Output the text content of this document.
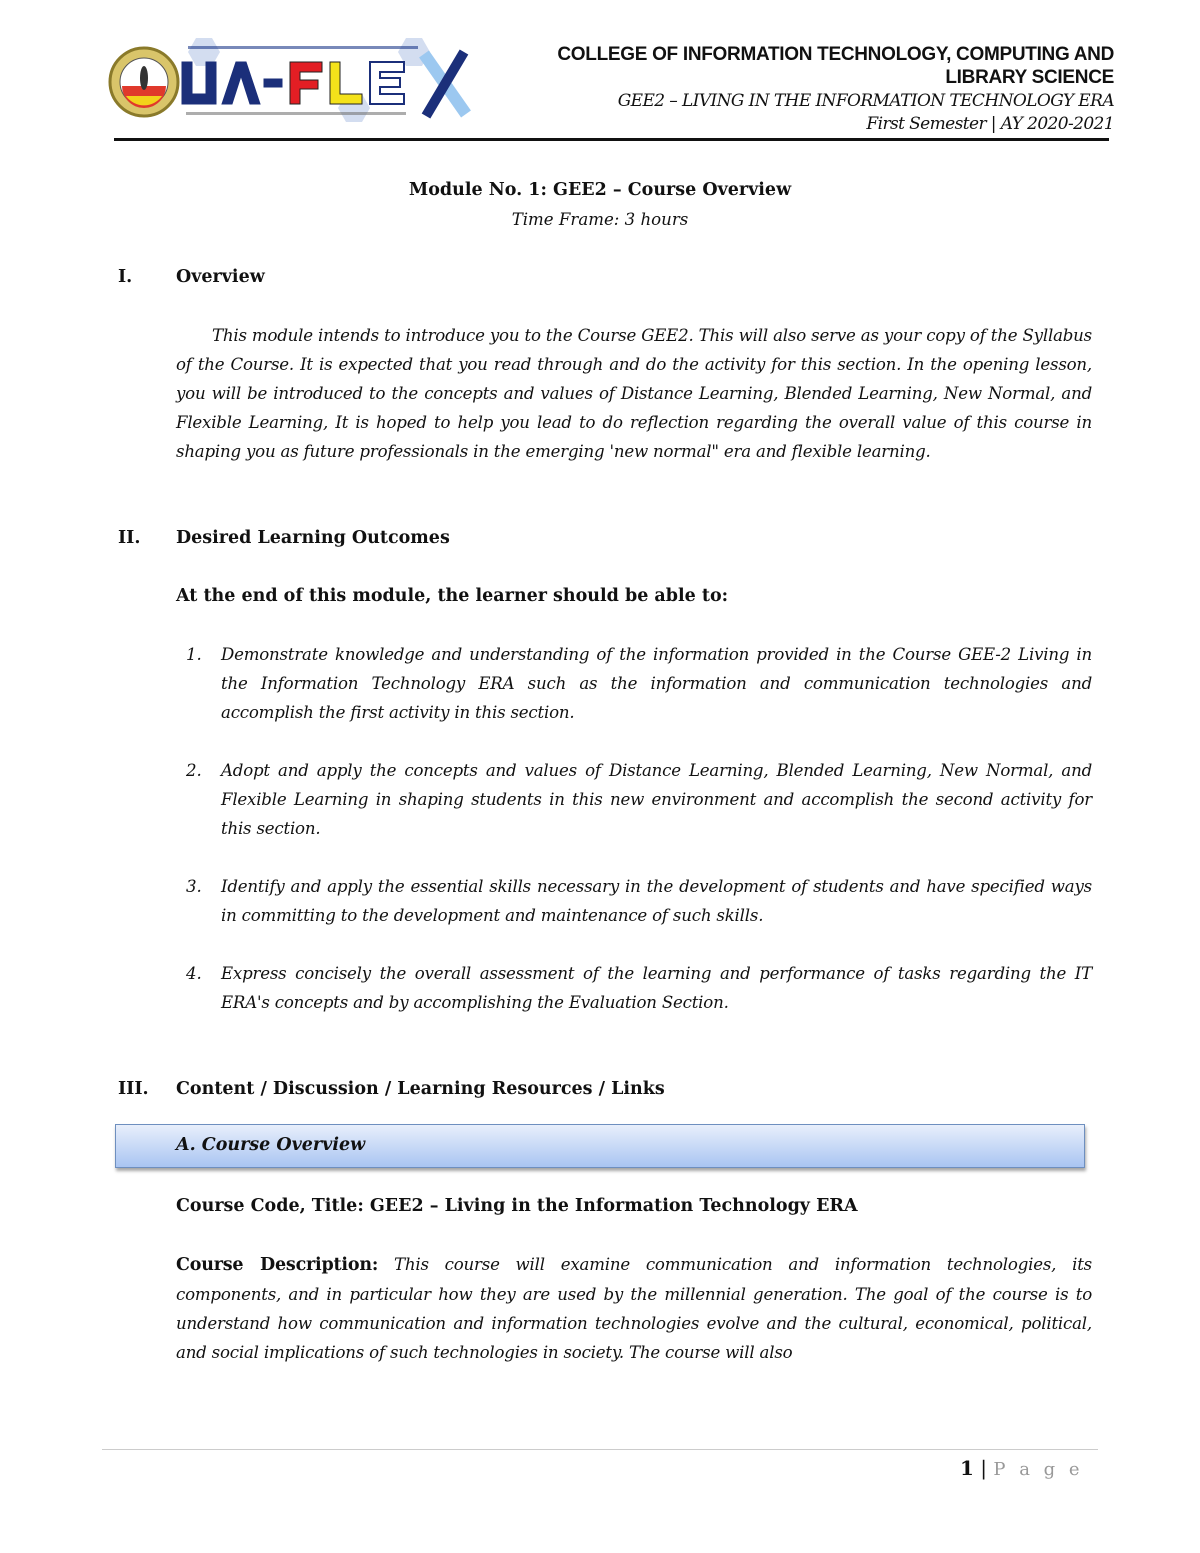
COLLEGE OF INFORMATION TECHNOLOGY, COMPUTING AND
LIBRARY SCIENCE
GEE2 – LIVING IN THE INFORMATION TECHNOLOGY ERA
First Semester | AY 2020-2021
Module No. 1: GEE2 – Course Overview
Time Frame: 3 hours
I. Overview

This module intends to introduce you to the Course GEE2. This will also serve as your copy of the Syllabus of the Course. It is expected that you read through and do the activity for this section. In the opening lesson, you will be introduced to the concepts and values of Distance Learning, Blended Learning, New Normal, and Flexible Learning, It is hoped to help you lead to do reflection regarding the overall value of this course in shaping you as future professionals in the emerging 'new normal" era and flexible learning.

II. Desired Learning Outcomes
At the end of this module, the learner should be able to:
1. Demonstrate knowledge and understanding of the information provided in the Course GEE-2 Living in the Information Technology ERA such as the information and communication technologies and accomplish the first activity in this section.
2. Adopt and apply the concepts and values of Distance Learning, Blended Learning, New Normal, and Flexible Learning in shaping students in this new environment and accomplish the second activity for this section.
3. Identify and apply the essential skills necessary in the development of students and have specified ways in committing to the development and maintenance of such skills.
4. Express concisely the overall assessment of the learning and performance of tasks regarding the IT ERA's concepts and by accomplishing the Evaluation Section.
III. Content / Discussion / Learning Resources / Links
A. Course Overview
Course Code, Title: GEE2 – Living in the Information Technology ERA

Course Description: This course will examine communication and information technologies, its components, and in particular how they are used by the millennial generation. The goal of the course is to understand how communication and information technologies evolve and the cultural, economical, political, and social implications of such technologies in society. The course will also

1 | P a g e
